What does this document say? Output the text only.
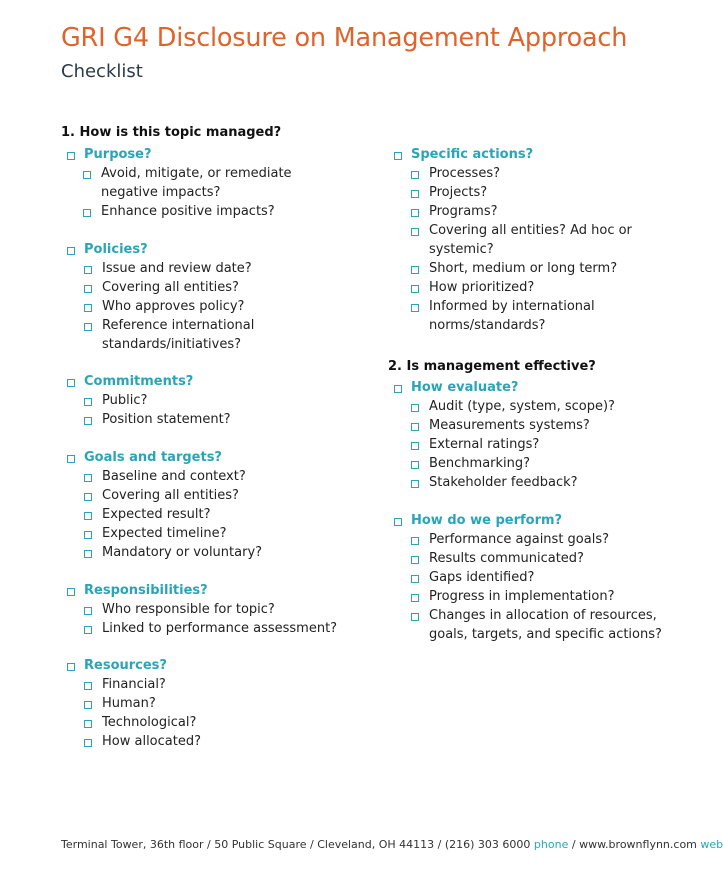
GRI G4 Disclosure on Management Approach
Checklist
1. How is this topic managed?
Purpose?
Avoid, mitigate, or remediate negative impacts?
Enhance positive impacts?
Policies?
Issue and review date?
Covering all entities?
Who approves policy?
Reference international standards/initiatives?
Commitments?
Public?
Position statement?
Goals and targets?
Baseline and context?
Covering all entities?
Expected result?
Expected timeline?
Mandatory or voluntary?
Responsibilities?
Who responsible for topic?
Linked to performance assessment?
Resources?
Financial?
Human?
Technological?
How allocated?
Specific actions?
Processes?
Projects?
Programs?
Covering all entities? Ad hoc or systemic?
Short, medium or long term?
How prioritized?
Informed by international norms/standards?
2. Is management effective?
How evaluate?
Audit (type, system, scope)?
Measurements systems?
External ratings?
Benchmarking?
Stakeholder feedback?
How do we perform?
Performance against goals?
Results communicated?
Gaps identified?
Progress in implementation?
Changes in allocation of resources, goals, targets, and specific actions?
Terminal Tower, 36th floor / 50 Public Square / Cleveland, OH 44113 / (216) 303 6000 phone / www.brownflynn.com web
